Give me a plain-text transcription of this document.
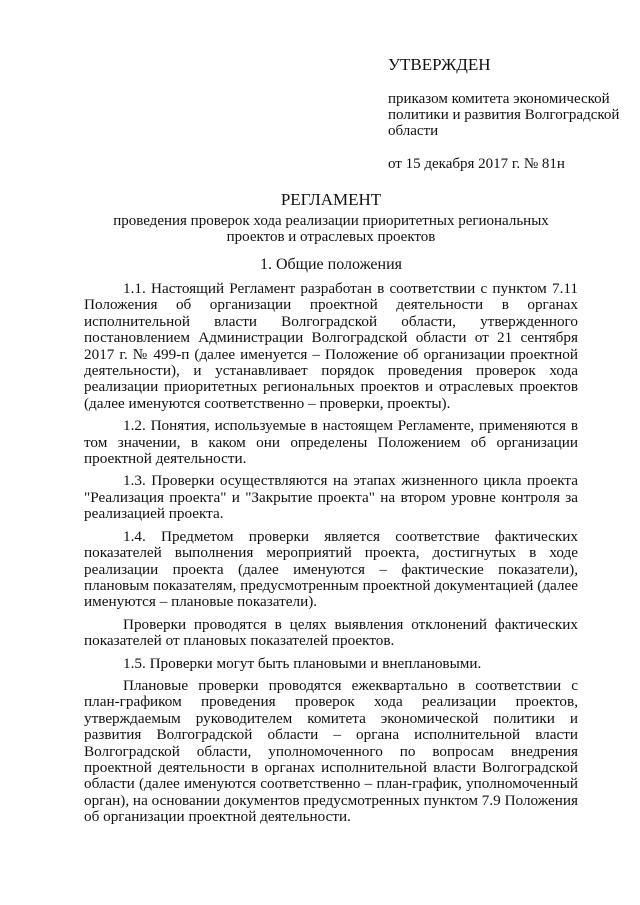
УТВЕРЖДЕН
приказом комитета экономической политики и развития Волгоградской области
от 15 декабря 2017 г. № 81н
РЕГЛАМЕНТ
проведения проверок хода реализации приоритетных региональных проектов и отраслевых проектов
1. Общие положения

1.1. Настоящий Регламент разработан в соответствии с пунктом 7.11 Положения об организации проектной деятельности в органах исполнительной власти Волгоградской области, утвержденного постановлением Администрации Волгоградской области от 21 сентября 2017 г. № 499-п (далее именуется – Положение об организации проектной деятельности), и устанавливает порядок проведения проверок хода реализации приоритетных региональных проектов и отраслевых проектов (далее именуются соответственно – проверки, проекты).

1.2. Понятия, используемые в настоящем Регламенте, применяются в том значении, в каком они определены Положением об организации проектной деятельности.

1.3. Проверки осуществляются на этапах жизненного цикла проекта "Реализация проекта" и "Закрытие проекта" на втором уровне контроля за реализацией проекта.

1.4. Предметом проверки является соответствие фактических показателей выполнения мероприятий проекта, достигнутых в ходе реализации проекта (далее именуются – фактические показатели), плановым показателям, предусмотренным проектной документацией (далее именуются – плановые показатели).

Проверки проводятся в целях выявления отклонений фактических показателей от плановых показателей проектов.

1.5. Проверки могут быть плановыми и внеплановыми.

Плановые проверки проводятся ежеквартально в соответствии с план-графиком проведения проверок хода реализации проектов, утверждаемым руководителем комитета экономической политики и развития Волгоградской области – органа исполнительной власти Волгоградской области, уполномоченного по вопросам внедрения проектной деятельности в органах исполнительной власти Волгоградской области (далее именуются соответственно – план-график, уполномоченный орган), на основании документов предусмотренных пунктом 7.9 Положения об организации проектной деятельности.
